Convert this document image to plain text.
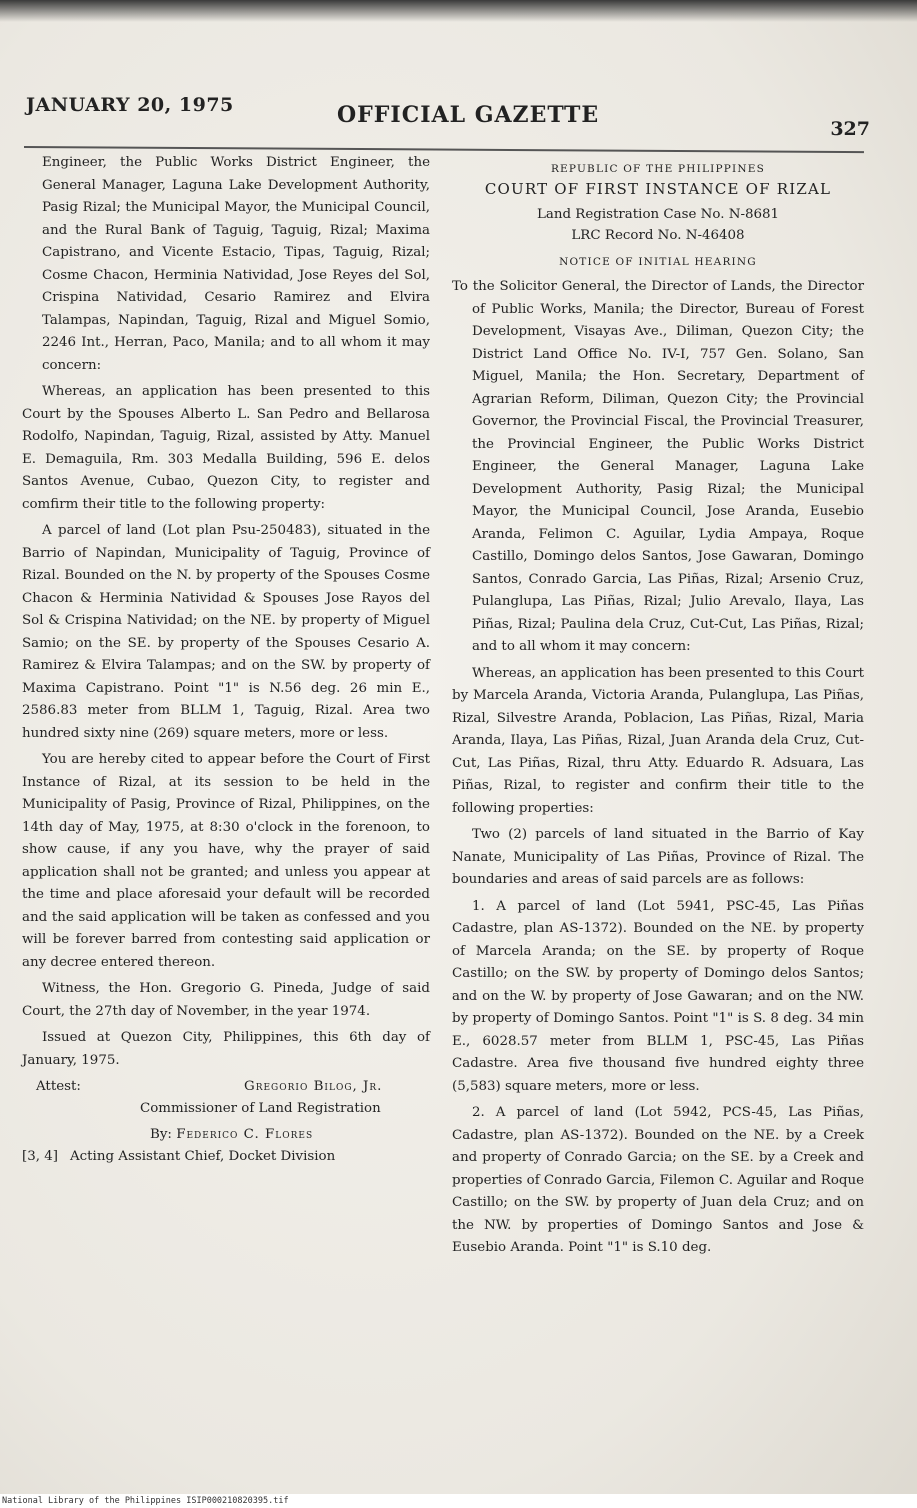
JANUARY 20, 1975	OFFICIAL GAZETTE
327

Engineer, the Public Works District Engineer, the General Manager, Laguna Lake Development Authority, Pasig Rizal; the Municipal Mayor, the Municipal Council, and the Rural Bank of Taguig, Taguig, Rizal; Maxima Capistrano, and Vicente Estacio, Tipas, Taguig, Rizal; Cosme Chacon, Herminia Natividad, Jose Reyes del Sol, Crispina Natividad, Cesario Ramirez and Elvira Talampas, Napindan, Taguig, Rizal and Miguel Somio, 2246 Int., Herran, Paco, Manila; and to all whom it may concern:

Whereas, an application has been presented to this Court by the Spouses Alberto L. San Pedro and Bellarosa Rodolfo, Napindan, Taguig, Rizal, assisted by Atty. Manuel E. Demaguila, Rm. 303 Medalla Building, 596 E. delos Santos Avenue, Cubao, Quezon City, to register and comfirm their title to the following property:

A parcel of land (Lot plan Psu-250483), situated in the Barrio of Napindan, Municipality of Taguig, Province of Rizal. Bounded on the N. by property of the Spouses Cosme Chacon & Herminia Natividad & Spouses Jose Rayos del Sol & Crispina Natividad; on the NE. by property of Miguel Samio; on the SE. by property of the Spouses Cesario A. Ramirez & Elvira Talampas; and on the SW. by property of Maxima Capistrano. Point "1" is N.56 deg. 26 min E., 2586.83 meter from BLLM 1, Taguig, Rizal. Area two hundred sixty nine (269) square meters, more or less.

You are hereby cited to appear before the Court of First Instance of Rizal, at its session to be held in the Municipality of Pasig, Province of Rizal, Philippines, on the 14th day of May, 1975, at 8:30 o'clock in the forenoon, to show cause, if any you have, why the prayer of said application shall not be granted; and unless you appear at the time and place aforesaid your default will be recorded and the said application will be taken as confessed and you will be forever barred from contesting said application or any decree entered thereon.

Witness, the Hon. Gregorio G. Pineda, Judge of said Court, the 27th day of November, in the year 1974.

Issued at Quezon City, Philippines, this 6th day of January, 1975.

Attest:	Gregorio Bilog, Jr.
Commissioner of Land Registration
By: Federico C. Flores
[3, 4] Acting Assistant Chief, Docket Division
REPUBLIC OF THE PHILIPPINES
COURT OF FIRST INSTANCE OF RIZAL
Land Registration Case No. N-8681
LRC Record No. N-46408
NOTICE OF INITIAL HEARING

To the Solicitor General, the Director of Lands, the Director of Public Works, Manila; the Director, Bureau of Forest Development, Visayas Ave., Diliman, Quezon City; the District Land Office No. IV-I, 757 Gen. Solano, San Miguel, Manila; the Hon. Secretary, Department of Agrarian Reform, Diliman, Quezon City; the Provincial Governor, the Provincial Fiscal, the Provincial Treasurer, the Provincial Engineer, the Public Works District Engineer, the General Manager, Laguna Lake Development Authority, Pasig Rizal; the Municipal Mayor, the Municipal Council, Jose Aranda, Eusebio Aranda, Felimon C. Aguilar, Lydia Ampaya, Roque Castillo, Domingo delos Santos, Jose Gawaran, Domingo Santos, Conrado Garcia, Las Piñas, Rizal; Arsenio Cruz, Pulanglupa, Las Piñas, Rizal; Julio Arevalo, Ilaya, Las Piñas, Rizal; Paulina dela Cruz, Cut-Cut, Las Piñas, Rizal; and to all whom it may concern:

Whereas, an application has been presented to this Court by Marcela Aranda, Victoria Aranda, Pulanglupa, Las Piñas, Rizal, Silvestre Aranda, Poblacion, Las Piñas, Rizal, Maria Aranda, Ilaya, Las Piñas, Rizal, Juan Aranda dela Cruz, Cut-Cut, Las Piñas, Rizal, thru Atty. Eduardo R. Adsuara, Las Piñas, Rizal, to register and confirm their title to the following properties:

Two (2) parcels of land situated in the Barrio of Kay Nanate, Municipality of Las Piñas, Province of Rizal. The boundaries and areas of said parcels are as follows:

1. A parcel of land (Lot 5941, PSC-45, Las Piñas Cadastre, plan AS-1372). Bounded on the NE. by property of Marcela Aranda; on the SE. by property of Roque Castillo; on the SW. by property of Domingo delos Santos; and on the W. by property of Jose Gawaran; and on the NW. by property of Domingo Santos. Point "1" is S. 8 deg. 34 min E., 6028.57 meter from BLLM 1, PSC-45, Las Piñas Cadastre. Area five thousand five hundred eighty three (5,583) square meters, more or less.

2. A parcel of land (Lot 5942, PCS-45, Las Piñas, Cadastre, plan AS-1372). Bounded on the NE. by a Creek and property of Conrado Garcia; on the SE. by a Creek and properties of Conrado Garcia, Filemon C. Aguilar and Roque Castillo; on the SW. by property of Juan dela Cruz; and on the NW. by properties of Domingo Santos and Jose & Eusebio Aranda. Point "1" is S.10 deg.

National Library of the Philippines ISIP000210820395.tif
